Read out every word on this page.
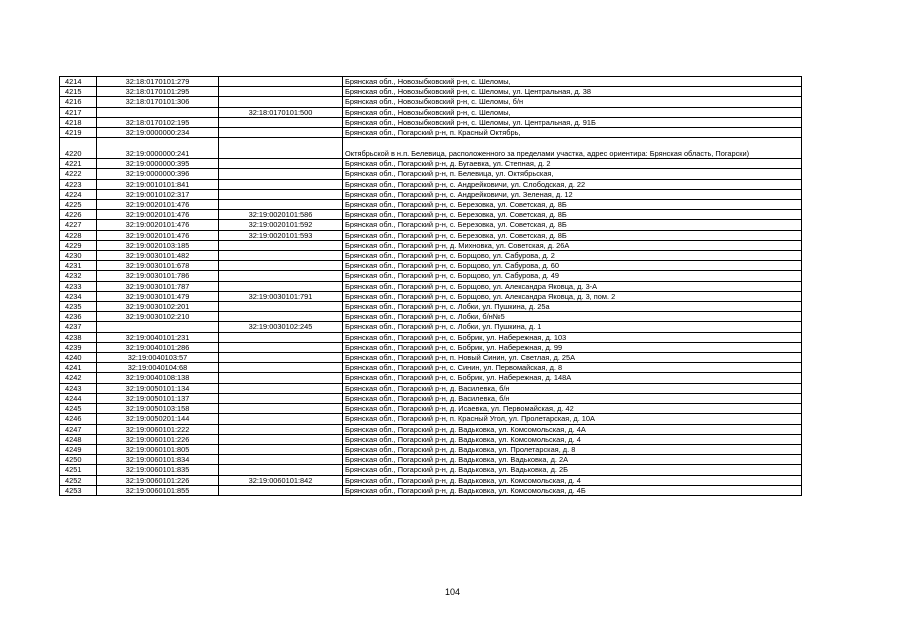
4214	32:18:0170101:279		Брянская обл., Новозыбковский р-н, с. Шеломы,
4215	32:18:0170101:295		Брянская обл., Новозыбковский р-н, с. Шеломы, ул. Центральная, д. 38
4216	32:18:0170101:306		Брянская обл., Новозыбковский р-н, с. Шеломы, б/н
4217		32:18:0170101:500	Брянская обл., Новозыбковский р-н, с. Шеломы,
4218	32:18:0170102:195		Брянская обл., Новозыбковский р-н, с. Шеломы, ул. Центральная, д. 91Б
4219	32:19:0000000:234		Брянская обл., Погарский р-н, п. Красный Октябрь,
4220	32:19:0000000:241		Октябрьской в н.п. Белевица, расположенного за пределами участка, адрес ориентира: Брянская область, Погарски)
4221	32:19:0000000:395		Брянская обл., Погарский р-н, д. Бугаевка, ул. Степная, д. 2
4222	32:19:0000000:396		Брянская обл., Погарский р-н, п. Белевица, ул. Октябрьская,
4223	32:19:0010101:841		Брянская обл., Погарский р-н, с. Андрейковичи, ул. Слободская, д. 22
4224	32:19:0010102:317		Брянская обл., Погарский р-н, с. Андрейковичи, ул. Зеленая, д. 12
4225	32:19:0020101:476		Брянская обл., Погарский р-н, с. Березовка, ул. Советская, д. 8Б
4226	32:19:0020101:476	32:19:0020101:586	Брянская обл., Погарский р-н, с. Березовка, ул. Советская, д. 8Б
4227	32:19:0020101:476	32:19:0020101:592	Брянская обл., Погарский р-н, с. Березовка, ул. Советская, д. 8Б
4228	32:19:0020101:476	32:19:0020101:593	Брянская обл., Погарский р-н, с. Березовка, ул. Советская, д. 8Б
4229	32:19:0020103:185		Брянская обл., Погарский р-н, д. Михновка, ул. Советская, д. 26А
4230	32:19:0030101:482		Брянская обл., Погарский р-н, с. Борщово, ул. Сабурова, д. 2
4231	32:19:0030101:678		Брянская обл., Погарский р-н, с. Борщово, ул. Сабурова, д. 60
4232	32:19:0030101:786		Брянская обл., Погарский р-н, с. Борщово, ул. Сабурова, д. 49
4233	32:19:0030101:787		Брянская обл., Погарский р-н, с. Борщово, ул. Александра Яковца, д. 3-А
4234	32:19:0030101:479	32:19:0030101:791	Брянская обл., Погарский р-н, с. Борщово, ул. Александра Яковца, д. 3, пом. 2
4235	32:19:0030102:201		Брянская обл., Погарский р-н, с. Лобки, ул. Пушкина, д. 25а
4236	32:19:0030102:210		Брянская обл., Погарский р-н, с. Лобки, б/н№5
4237		32:19:0030102:245	Брянская обл., Погарский р-н, с. Лобки, ул. Пушкина, д. 1
4238	32:19:0040101:231		Брянская обл., Погарский р-н, с. Бобрик, ул. Набережная, д. 103
4239	32:19:0040101:286		Брянская обл., Погарский р-н, с. Бобрик, ул. Набережная, д. 99
4240	32:19:0040103:57		Брянская обл., Погарский р-н, п. Новый Синин, ул. Светлая, д. 25А
4241	32:19:0040104:68		Брянская обл., Погарский р-н, с. Синин, ул. Первомайская, д. 8
4242	32:19:0040108:138		Брянская обл., Погарский р-н, с. Бобрик, ул. Набережная, д. 148А
4243	32:19:0050101:134		Брянская обл., Погарский р-н, д. Василевка, б/н
4244	32:19:0050101:137		Брянская обл., Погарский р-н, д. Василевка, б/н
4245	32:19:0050103:158		Брянская обл., Погарский р-н, д. Исаевка, ул. Первомайская, д. 42
4246	32:19:0050201:144		Брянская обл., Погарский р-н, п. Красный Угол, ул. Пролетарская, д. 10А
4247	32:19:0060101:222		Брянская обл., Погарский р-н, д. Вадьковка, ул. Комсомольская, д. 4А
4248	32:19:0060101:226		Брянская обл., Погарский р-н, д. Вадьковка, ул. Комсомольская, д. 4
4249	32:19:0060101:805		Брянская обл., Погарский р-н, д. Вадьковка, ул. Пролетарская, д. 8
4250	32:19:0060101:834		Брянская обл., Погарский р-н, д. Вадьковка, ул. Вадьковка, д. 2А
4251	32:19:0060101:835		Брянская обл., Погарский р-н, д. Вадьковка, ул. Вадьковка, д. 2Б
4252	32:19:0060101:226	32:19:0060101:842	Брянская обл., Погарский р-н, д. Вадьковка, ул. Комсомольская, д. 4
4253	32:19:0060101:855		Брянская обл., Погарский р-н, д. Вадьковка, ул. Комсомольская, д. 4Б
104
